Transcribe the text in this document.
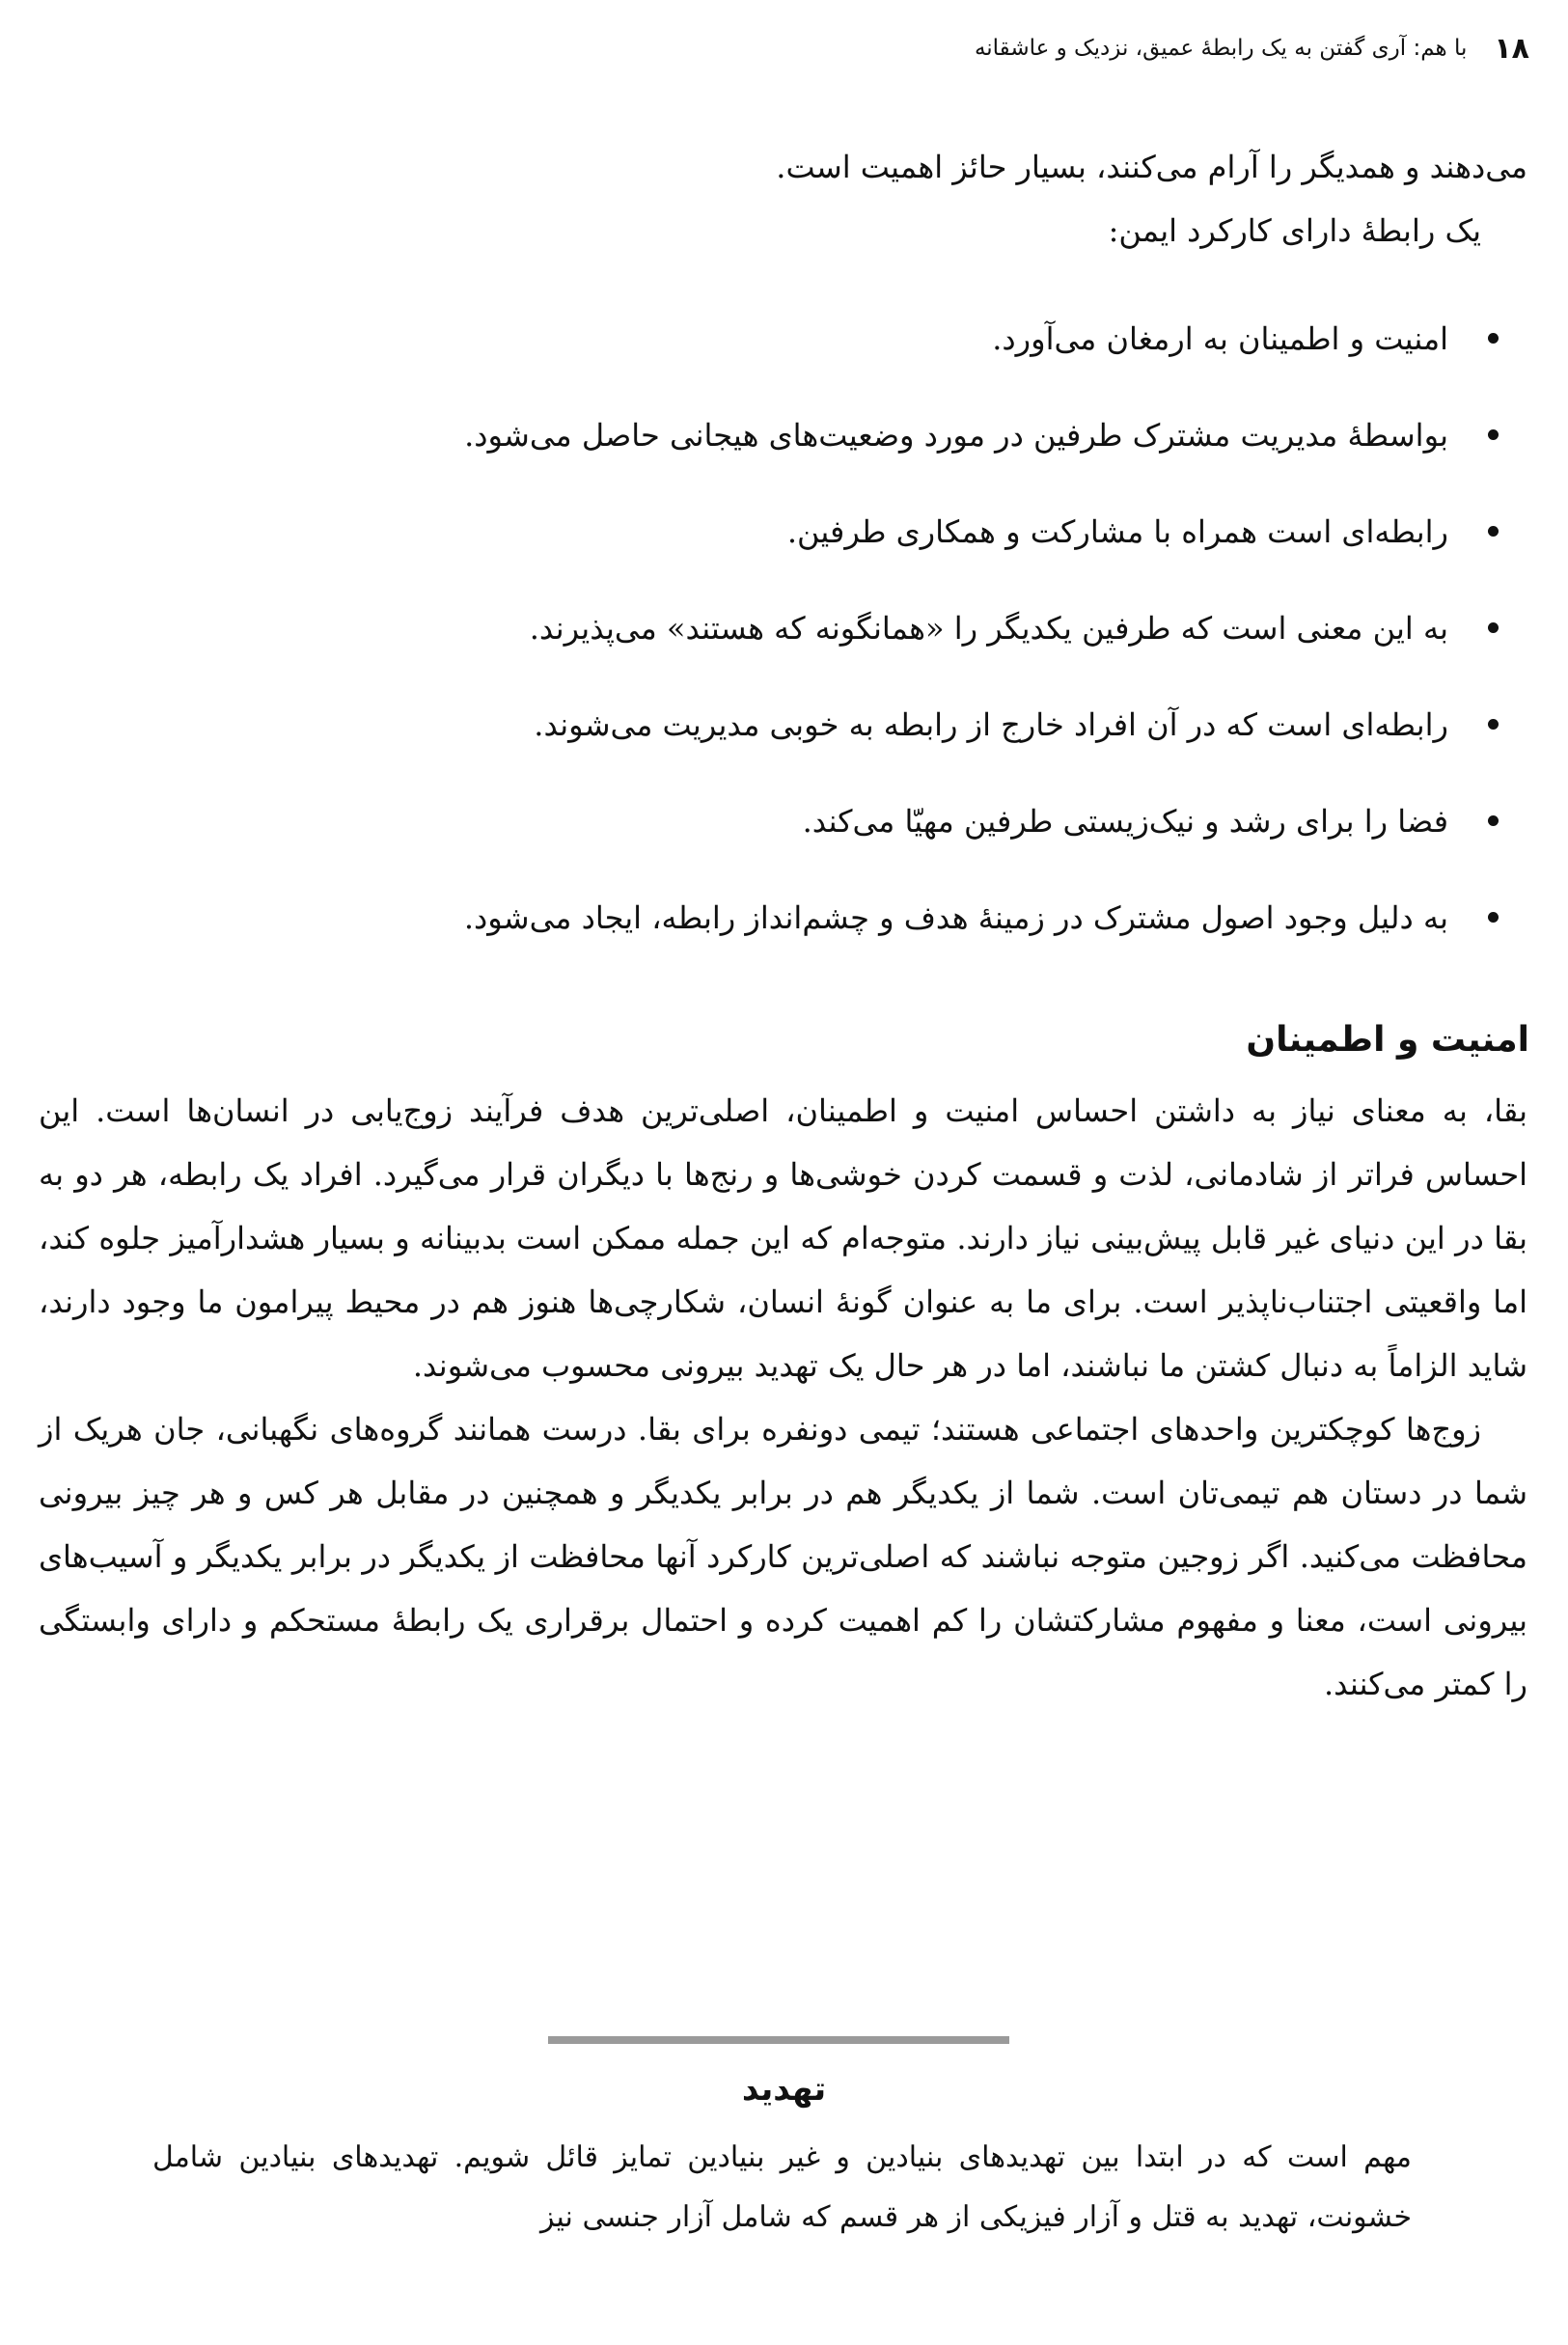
۱۸
با هم: آری گفتن به یک رابطۀ عمیق، نزدیک و عاشقانه

می‌دهند و همدیگر را آرام می‌کنند، بسیار حائز اهمیت است.

یک رابطۀ دارای کارکرد ایمن:

امنیت و اطمینان به ارمغان می‌آورد.
بواسطۀ مدیریت مشترک طرفین در مورد وضعیت‌های هیجانی حاصل می‌شود.
رابطه‌ای است همراه با مشارکت و همکاری طرفین.
به این معنی است که طرفین یکدیگر را «همانگونه که هستند» می‌پذیرند.
رابطه‌ای است که در آن افراد خارج از رابطه به خوبی مدیریت می‌شوند.
فضا را برای رشد و نیک‌زیستی طرفین مهیّا می‌کند.
به دلیل وجود اصول مشترک در زمینۀ هدف و چشم‌انداز رابطه، ایجاد می‌شود.
امنیت و اطمینان

بقا، به معنای نیاز به داشتن احساس امنیت و اطمینان، اصلی‌ترین هدف فرآیند زوج‌یابی در انسان‌ها است. این احساس فراتر از شادمانی، لذت و قسمت کردن خوشی‌ها و رنج‌ها با دیگران قرار می‌گیرد. افراد یک رابطه، هر دو به بقا در این دنیای غیر قابل پیش‌بینی نیاز دارند. متوجه‌ام که این جمله ممکن است بدبینانه و بسیار هشدارآمیز جلوه کند، اما واقعیتی اجتناب‌ناپذیر است. برای ما به عنوان گونۀ انسان، شکارچی‌ها هنوز هم در محیط پیرامون ما وجود دارند، شاید الزاماً به دنبال کشتن ما نباشند، اما در هر حال یک تهدید بیرونی محسوب می‌شوند.

زوج‌ها کوچکترین واحدهای اجتماعی هستند؛ تیمی دونفره برای بقا. درست همانند گروه‌های نگهبانی، جان هریک از شما در دستان هم تیمی‌تان است. شما از یکدیگر هم در برابر یکدیگر و همچنین در مقابل هر کس و هر چیز بیرونی محافظت می‌کنید. اگر زوجین متوجه نباشند که اصلی‌ترین کارکرد آنها محافظت از یکدیگر در برابر یکدیگر و آسیب‌های بیرونی است، معنا و مفهوم مشارکتشان را کم اهمیت کرده و احتمال برقراری یک رابطۀ مستحکم و دارای وابستگی را کمتر می‌کنند.

تهدید

مهم است که در ابتدا بین تهدیدهای بنیادین و غیر بنیادین تمایز قائل شویم. تهدیدهای بنیادین شامل خشونت، تهدید به قتل و آزار فیزیکی از هر قسم که شامل آزار جنسی نیز
